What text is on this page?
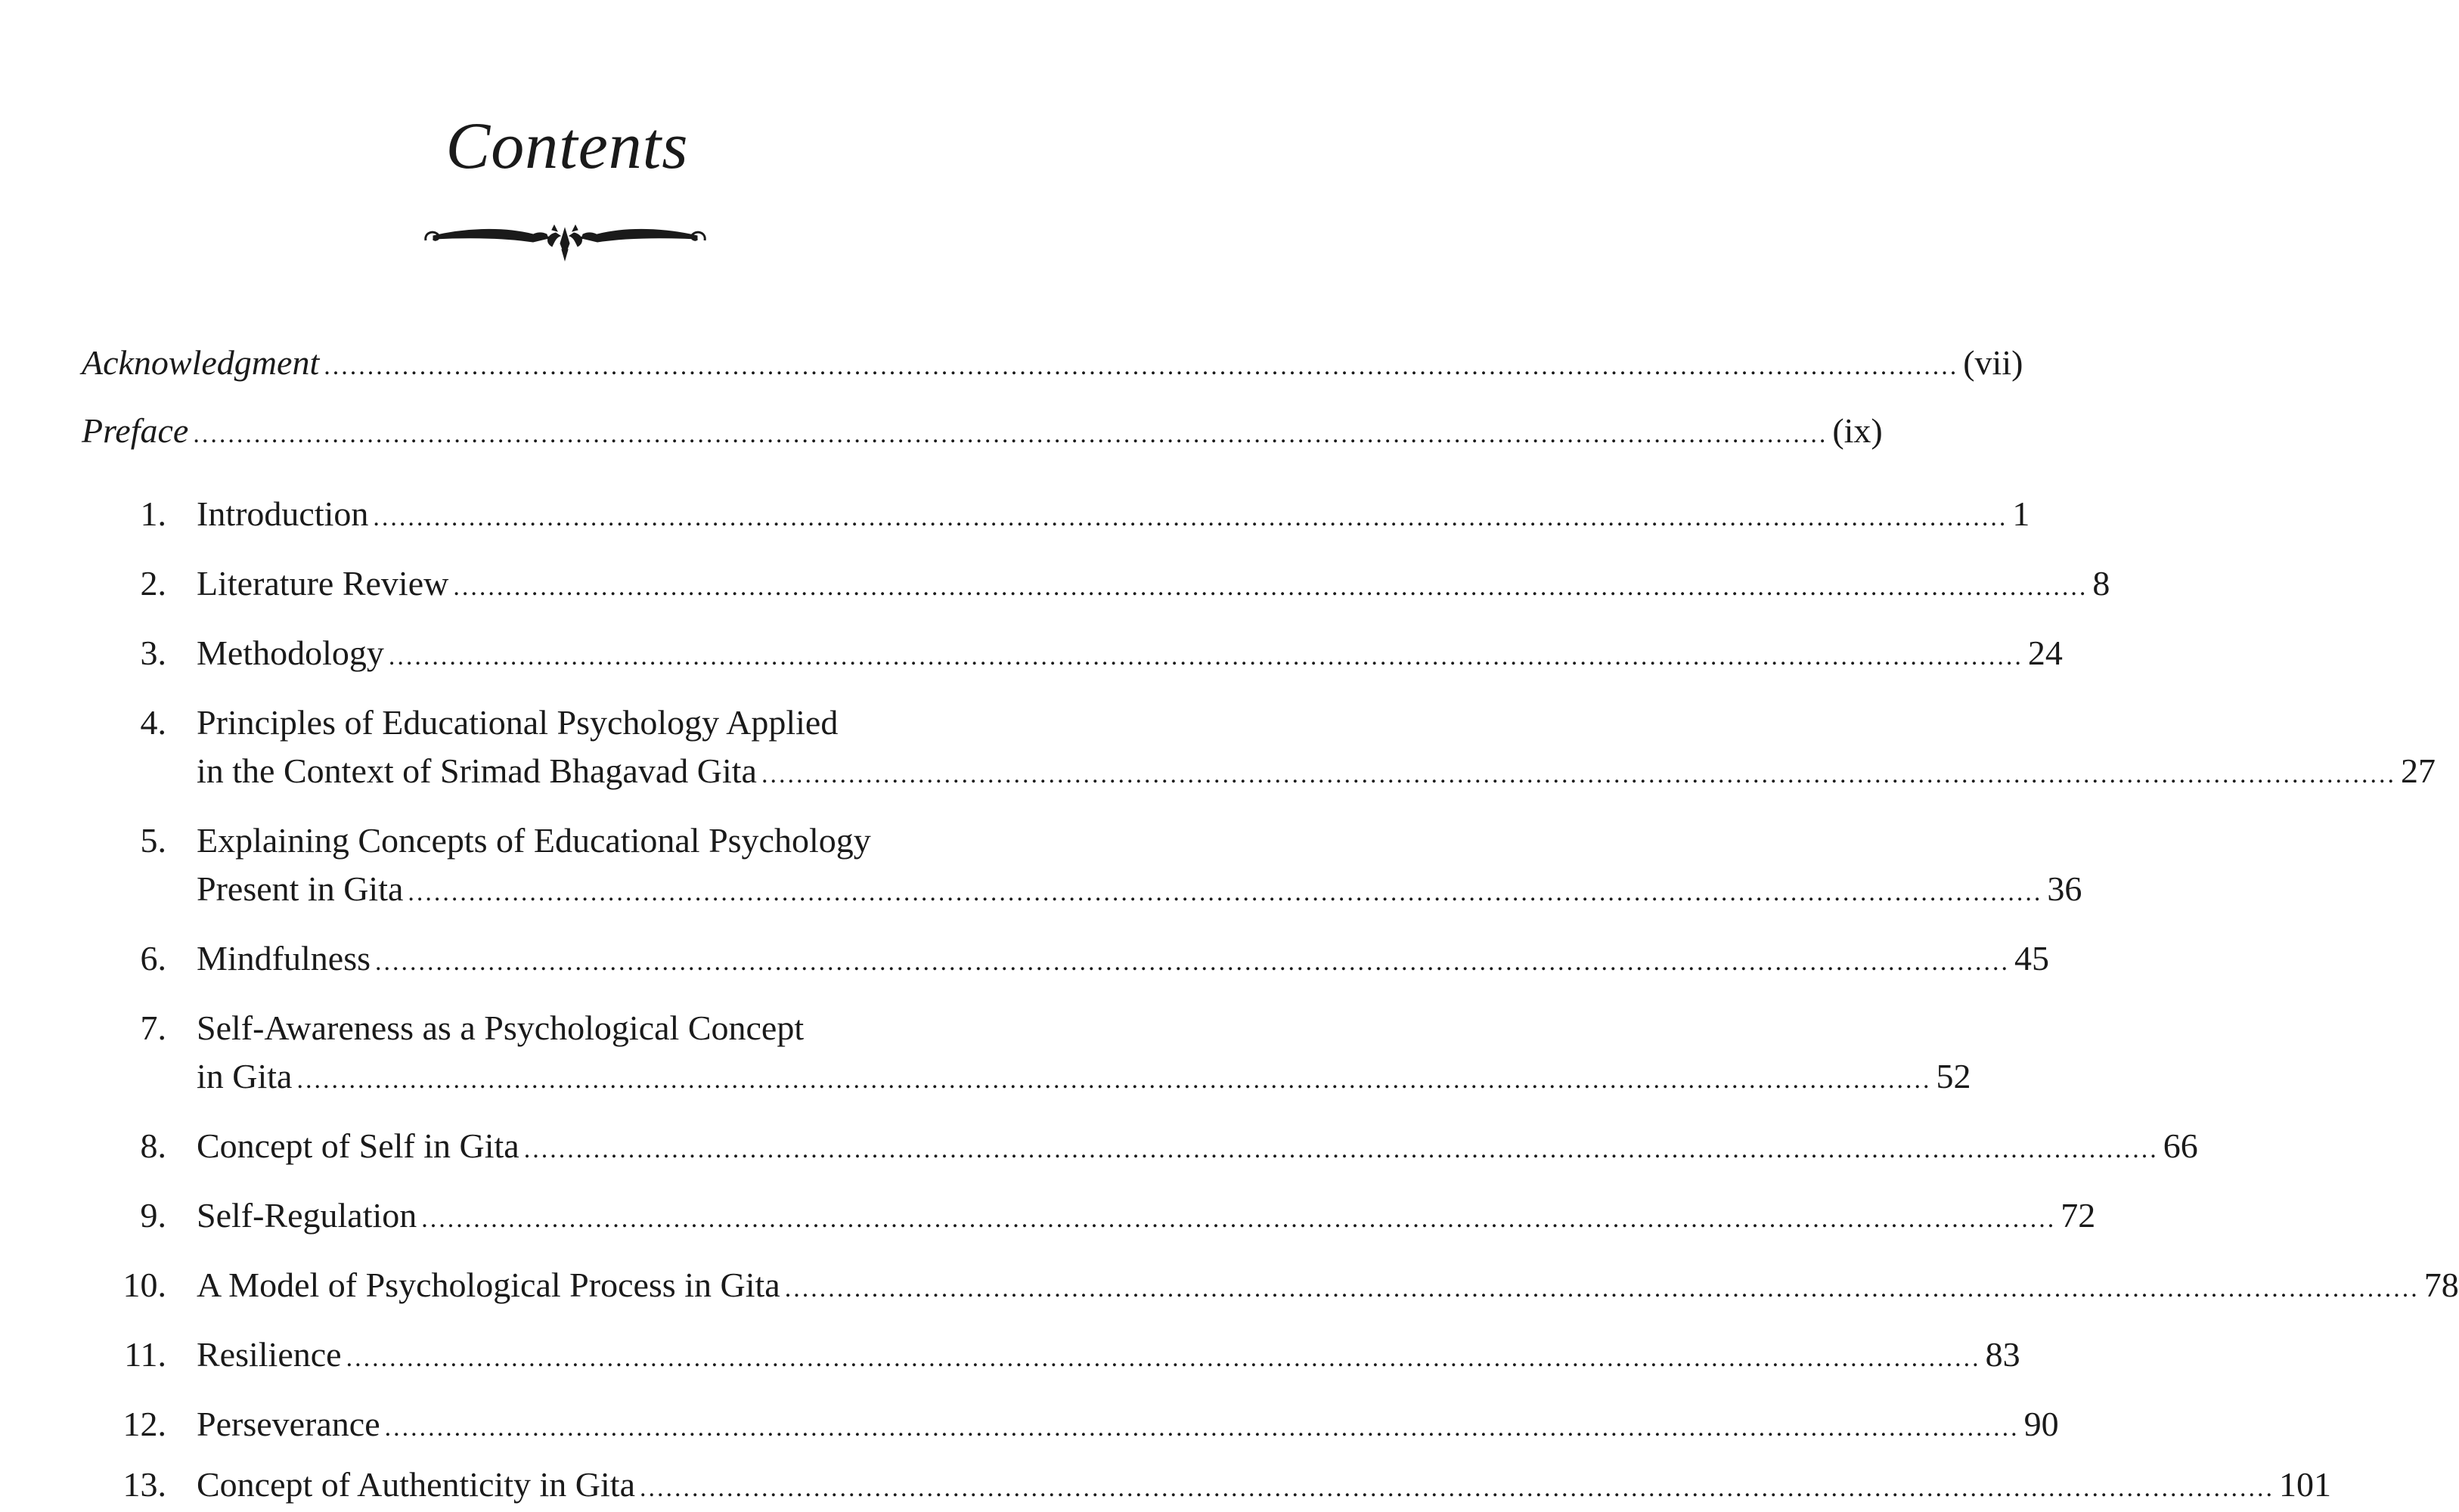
Contents
Acknowledgment ............................................................................................................................................................................................ (vii)
Preface ............................................................................................................................................................................................ (ix)
1. Introduction ............................................................................................................................................................................................ 1
2. Literature Review ............................................................................................................................................................................................ 8
3. Methodology ............................................................................................................................................................................................ 24
4. Principles of Educational Psychology Applied
in the Context of Srimad Bhagavad Gita ............................................................................................................................................................................................ 27
5. Explaining Concepts of Educational Psychology
Present in Gita ............................................................................................................................................................................................ 36
6. Mindfulness ............................................................................................................................................................................................ 45
7. Self-Awareness as a Psychological Concept
in Gita ............................................................................................................................................................................................ 52
8. Concept of Self in Gita ............................................................................................................................................................................................ 66
9. Self-Regulation ............................................................................................................................................................................................ 72
10. A Model of Psychological Process in Gita ............................................................................................................................................................................................ 78
11. Resilience ............................................................................................................................................................................................ 83
12. Perseverance ............................................................................................................................................................................................ 90
13. Concept of Authenticity in Gita ............................................................................................................................................................................................ 101
